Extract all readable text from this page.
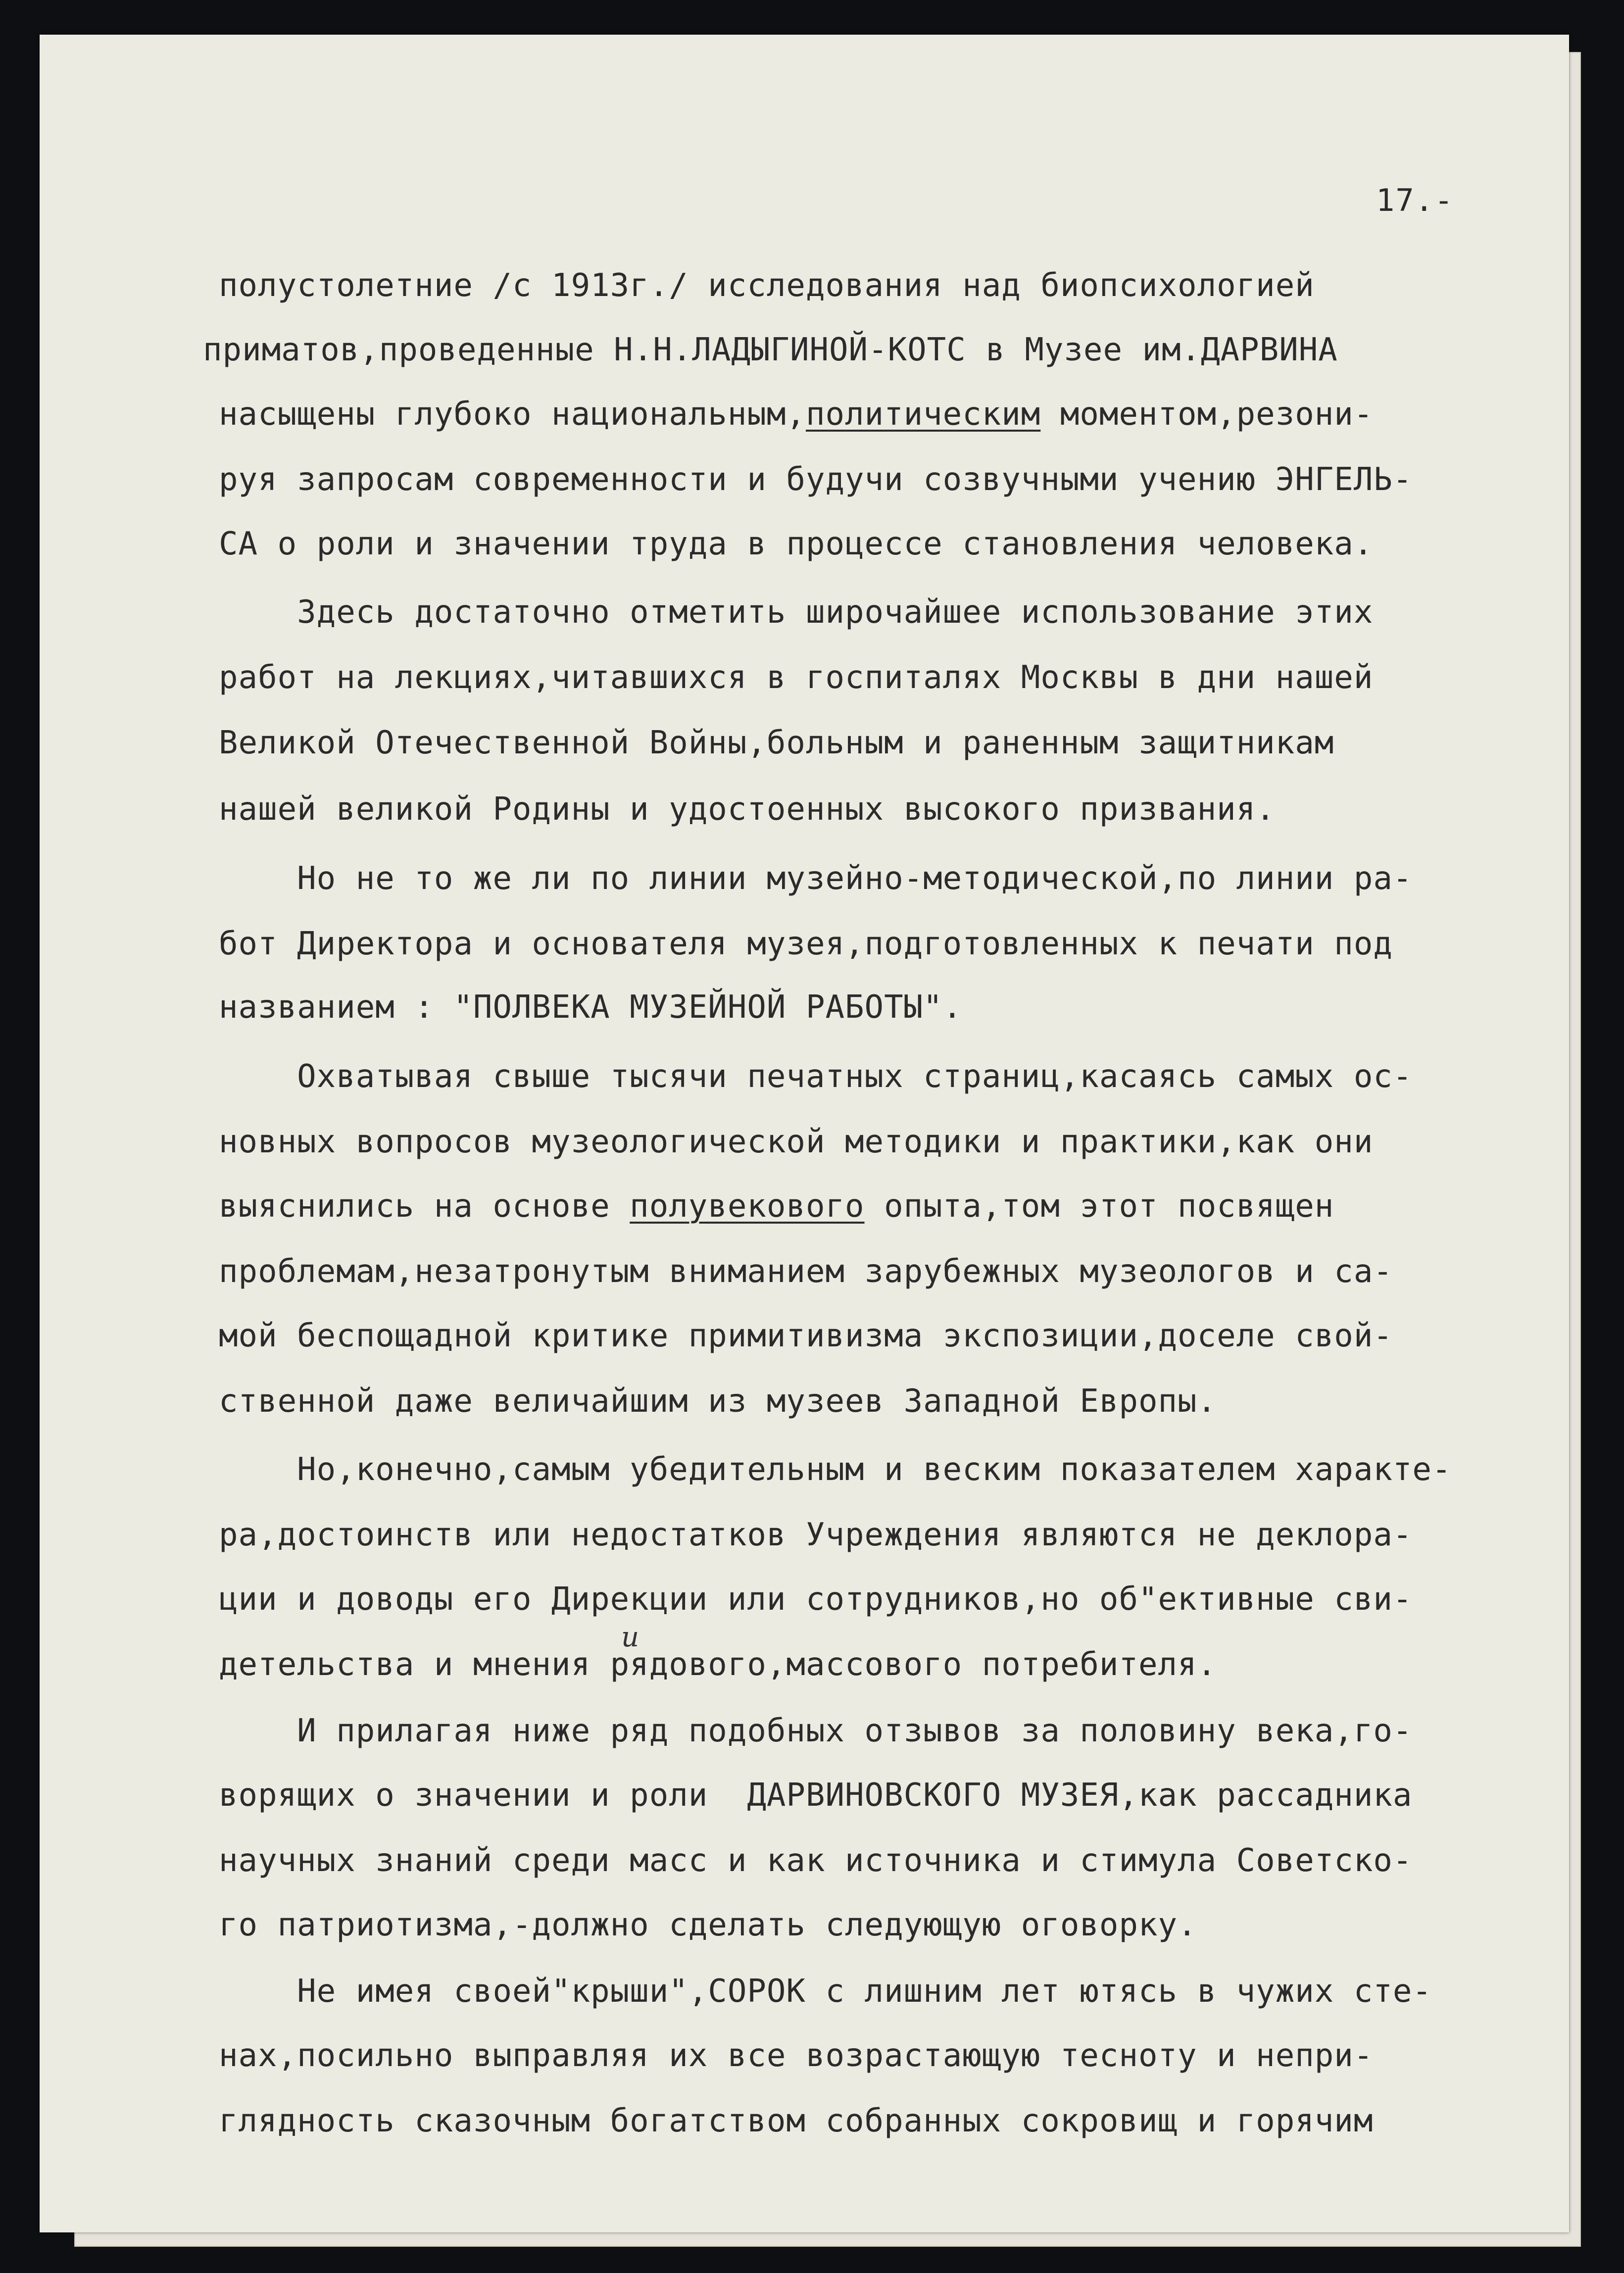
17.-
полустолетние /с 1913г./ исследования над биопсихологией
приматов,проведенные Н.Н.ЛАДЫГИНОЙ-КОТС в Музее им.ДАРВИНА
насыщены глубоко национальным,политическим моментом,резони-
руя запросам современности и будучи созвучными учению ЭНГЕЛЬ-
СА о роли и значении труда в процессе становления человека.
Здесь достаточно отметить широчайшее использование этих
работ на лекциях,читавшихся в госпиталях Москвы в дни нашей
Великой Отечественной Войны,больным и раненным защитникам
нашей великой Родины и удостоенных высокого призвания.
Но не то же ли по линии музейно-методической,по линии ра-
бот Директора и основателя музея,подготовленных к печати под
названием : "ПОЛВЕКА МУЗЕЙНОЙ РАБОТЫ".
Охватывая свыше тысячи печатных страниц,касаясь самых ос-
новных вопросов музеологической методики и практики,как они
выяснились на основе полувекового опыта,том этот посвящен
проблемам,незатронутым вниманием зарубежных музеологов и са-
мой беспощадной критике примитивизма экспозиции,доселе свой-
ственной даже величайшим из музеев Западной Европы.
Но,конечно,самым убедительным и веским показателем характе-
ра,достоинств или недостатков Учреждения являются не деклора-
ции и доводы его Дирекции или сотрудников,но об"ективные сви-
детельства и мнения рядового,массового потребителя.
И прилагая ниже ряд подобных отзывов за половину века,го-
ворящих о значении и роли  ДАРВИНОВСКОГО МУЗЕЯ,как рассадника
научных знаний среди масс и как источника и стимула Советско-
го патриотизма,-должно сделать следующую оговорку.
Не имея своей"крыши",СОРОК с лишним лет ютясь в чужих сте-
нах,посильно выправляя их все возрастающую тесноту и непри-
глядность сказочным богатством собранных сокровищ и горячим
и
